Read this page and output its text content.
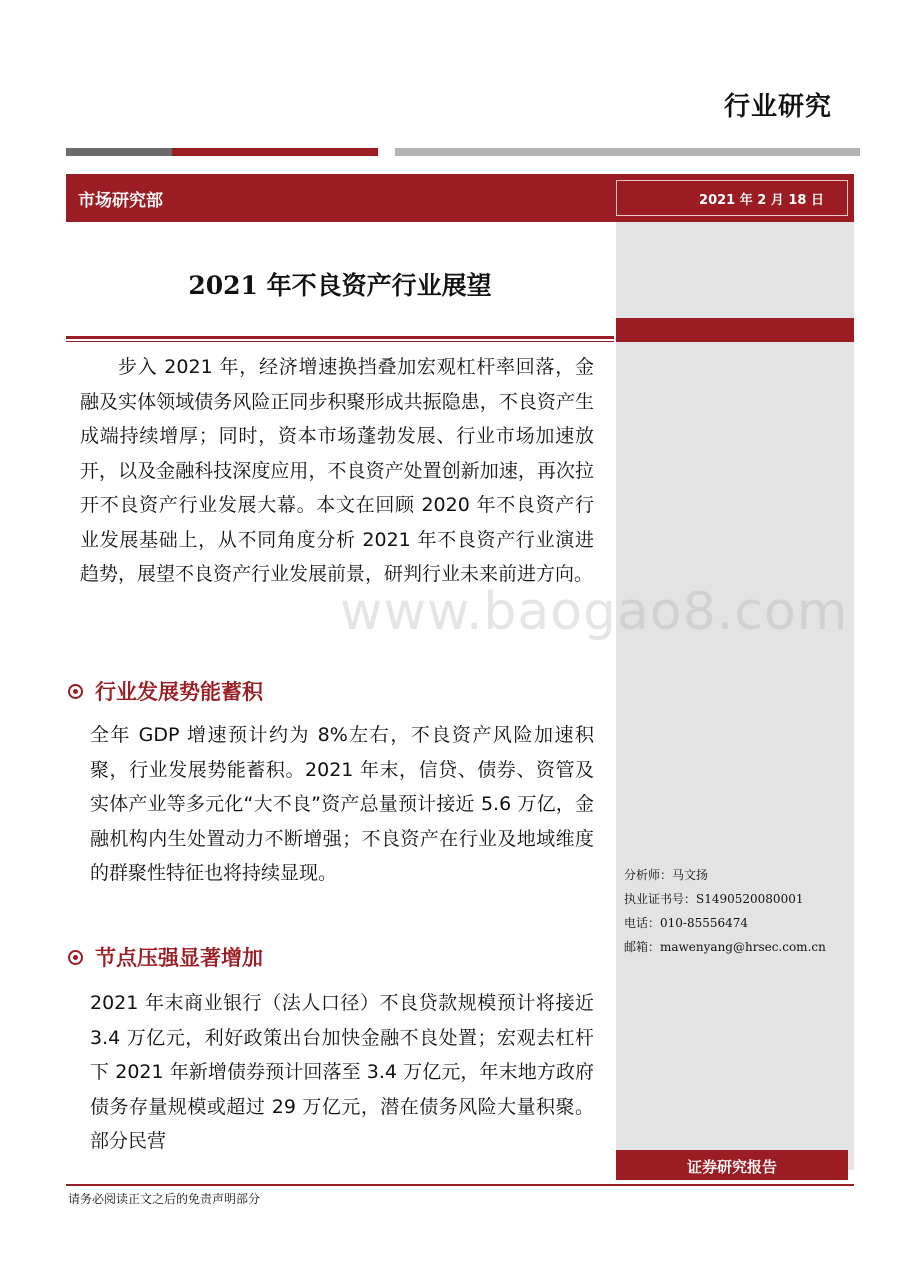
行业研究
市场研究部	2021 年 2 月 18 日
2021 年不良资产行业展望

步入 2021 年，经济增速换挡叠加宏观杠杆率回落，金融及实体领域债务风险正同步积聚形成共振隐患，不良资产生成端持续增厚；同时，资本市场蓬勃发展、行业市场加速放开，以及金融科技深度应用，不良资产处置创新加速，再次拉开不良资产行业发展大幕。本文在回顾 2020 年不良资产行业发展基础上，从不同角度分析 2021 年不良资产行业演进趋势，展望不良资产行业发展前景，研判行业未来前进方向。

www.baogao8.com
行业发展势能蓄积

全年 GDP 增速预计约为 8%左右，不良资产风险加速积聚，行业发展势能蓄积。2021 年末，信贷、债券、资管及实体产业等多元化“大不良”资产总量预计接近 5.6 万亿，金融机构内生处置动力不断增强；不良资产在行业及地域维度的群聚性特征也将持续显现。

节点压强显著增加

2021 年末商业银行（法人口径）不良贷款规模预计将接近 3.4 万亿元，利好政策出台加快金融不良处置；宏观去杠杆下 2021 年新增债券预计回落至 3.4 万亿元，年末地方政府债务存量规模或超过 29 万亿元，潜在债务风险大量积聚。部分民营

分析师：马文扬
执业证书号：S1490520080001
电话：010-85556474
邮箱：mawenyang@hrsec.com.cn
证券研究报告
请务必阅读正文之后的免责声明部分
